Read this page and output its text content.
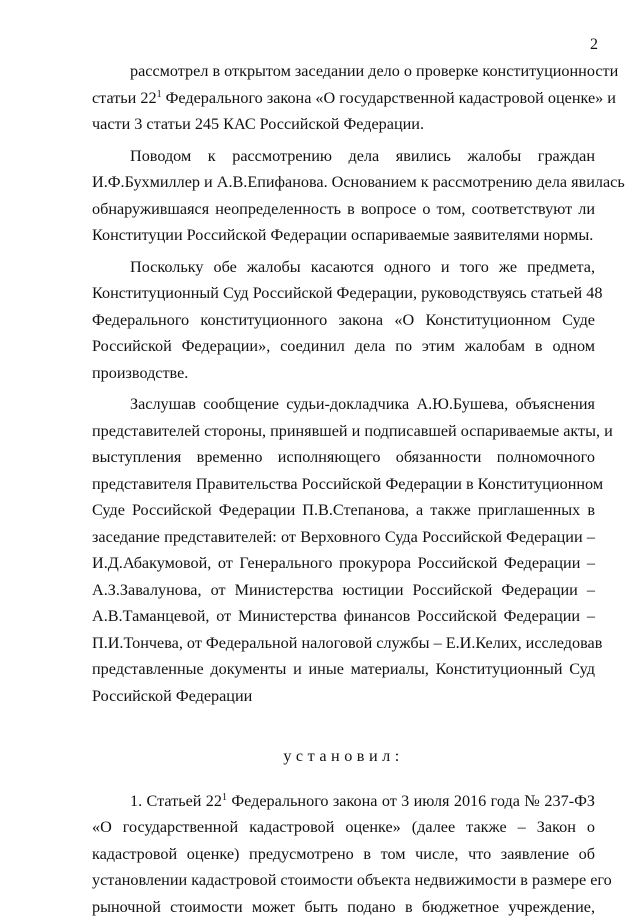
2
рассмотрел в открытом заседании дело о проверке конституционности
статьи $22^1$ Федерального закона «О государственной кадастровой оценке» и
части 3 статьи 245 КАС Российской Федерации.
Поводом к рассмотрению дела явились жалобы граждан
И.Ф.Бухмиллер и А.В.Епифанова. Основанием к рассмотрению дела явилась
обнаружившаяся неопределенность в вопросе о том, соответствуют ли
Конституции Российской Федерации оспариваемые заявителями нормы.
Поскольку обе жалобы касаются одного и того же предмета,
Конституционный Суд Российской Федерации, руководствуясь статьей 48
Федерального конституционного закона «О Конституционном Суде
Российской Федерации», соединил дела по этим жалобам в одном
производстве.
Заслушав сообщение судьи-докладчика А.Ю.Бушева, объяснения
представителей стороны, принявшей и подписавшей оспариваемые акты, и
выступления временно исполняющего обязанности полномочного
представителя Правительства Российской Федерации в Конституционном
Суде Российской Федерации П.В.Степанова, а также приглашенных в
заседание представителей: от Верховного Суда Российской Федерации –
И.Д.Абакумовой, от Генерального прокурора Российской Федерации –
А.З.Завалунова, от Министерства юстиции Российской Федерации –
А.В.Таманцевой, от Министерства финансов Российской Федерации –
П.И.Тончева, от Федеральной налоговой службы – Е.И.Келих, исследовав
представленные документы и иные материалы, Конституционный Суд
Российской Федерации
установил:
1. Статьей $22^1$ Федерального закона от 3 июля 2016 года № 237-ФЗ
«О государственной кадастровой оценке» (далее также – Закон о
кадастровой оценке) предусмотрено в том числе, что заявление об
установлении кадастровой стоимости объекта недвижимости в размере его
рыночной стоимости может быть подано в бюджетное учреждение,
